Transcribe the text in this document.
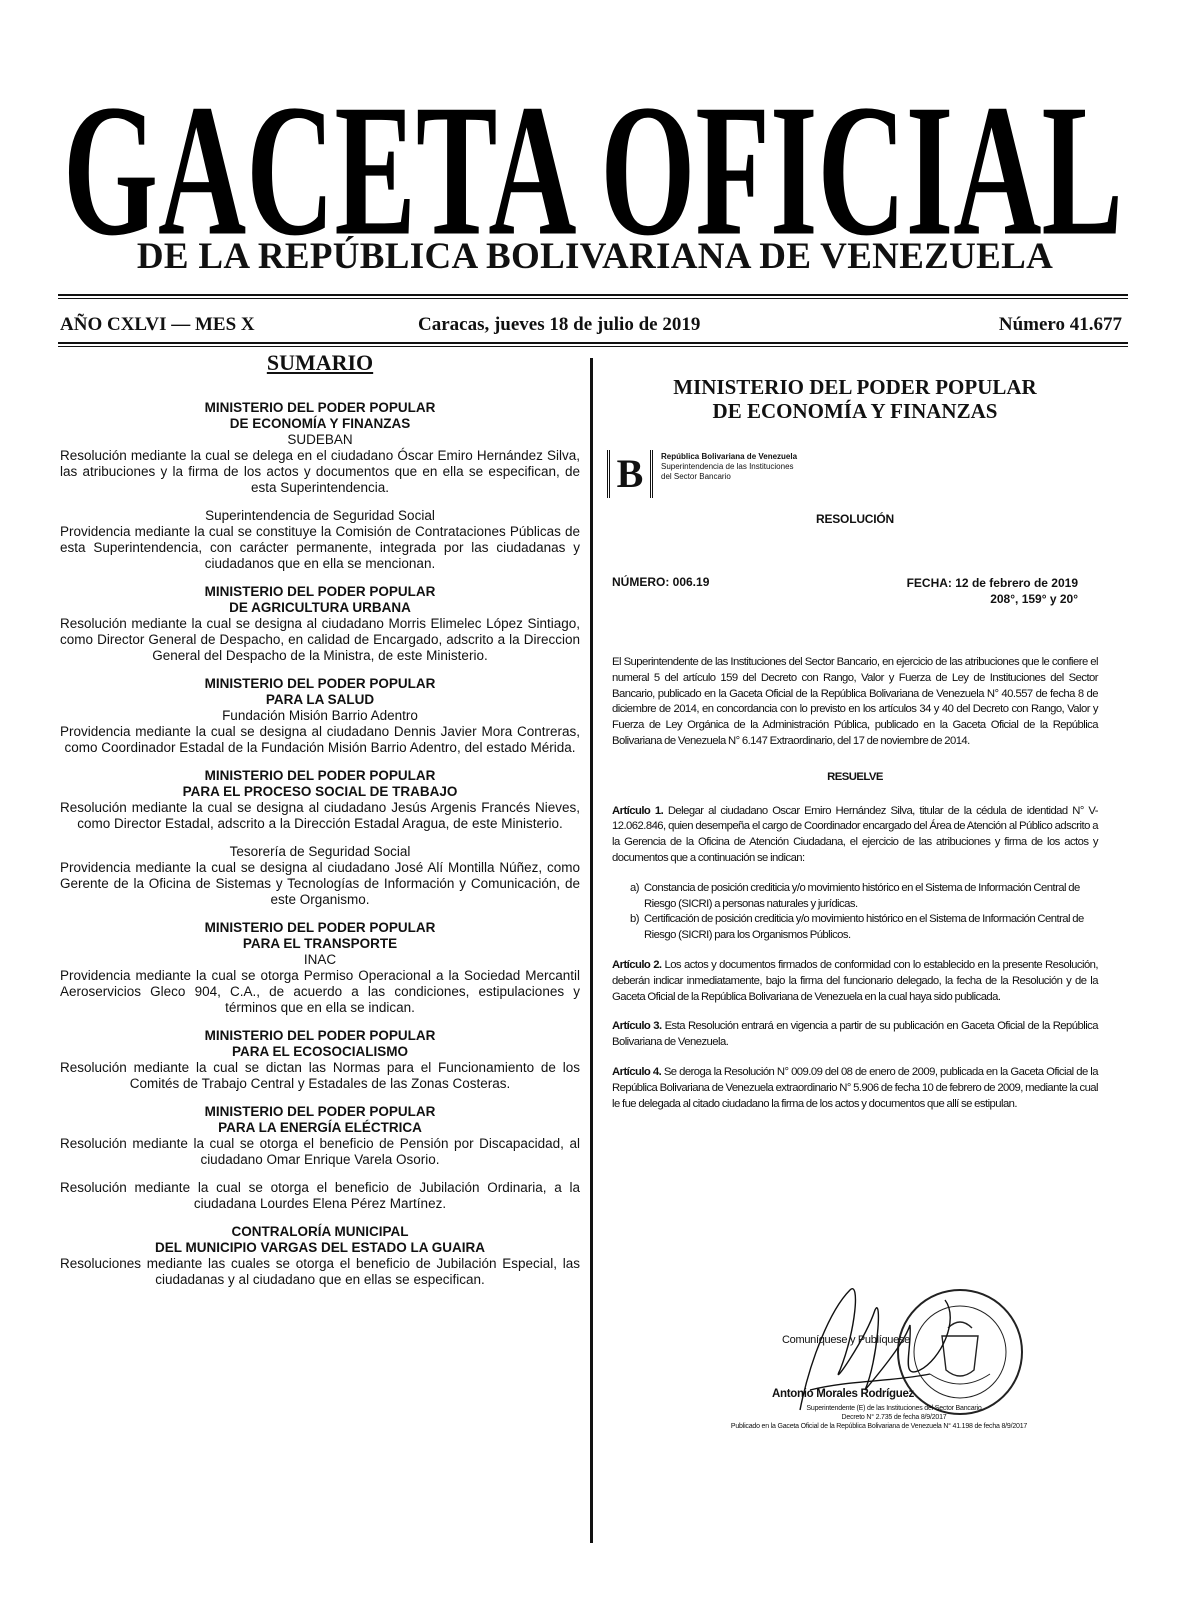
GACETA OFICIAL
DE LA REPÚBLICA BOLIVARIANA DE VENEZUELA
AÑO CXLVI — MES X	Caracas, jueves 18 de julio de 2019	Número 41.677
SUMARIO
MINISTERIO DEL PODER POPULAR
DE ECONOMÍA Y FINANZAS
SUDEBAN
Resolución mediante la cual se delega en el ciudadano Óscar Emiro Hernández Silva, las atribuciones y la firma de los actos y documentos que en ella se especifican, de esta Superintendencia.
Superintendencia de Seguridad Social
Providencia mediante la cual se constituye la Comisión de Contrataciones Públicas de esta Superintendencia, con carácter permanente, integrada por las ciudadanas y ciudadanos que en ella se mencionan.
MINISTERIO DEL PODER POPULAR
DE AGRICULTURA URBANA
Resolución mediante la cual se designa al ciudadano Morris Elimelec López Sintiago, como Director General de Despacho, en calidad de Encargado, adscrito a la Direccion General del Despacho de la Ministra, de este Ministerio.
MINISTERIO DEL PODER POPULAR
PARA LA SALUD
Fundación Misión Barrio Adentro
Providencia mediante la cual se designa al ciudadano Dennis Javier Mora Contreras, como Coordinador Estadal de la Fundación Misión Barrio Adentro, del estado Mérida.
MINISTERIO DEL PODER POPULAR
PARA EL PROCESO SOCIAL DE TRABAJO
Resolución mediante la cual se designa al ciudadano Jesús Argenis Francés Nieves, como Director Estadal, adscrito a la Dirección Estadal Aragua, de este Ministerio.
Tesorería de Seguridad Social
Providencia mediante la cual se designa al ciudadano José Alí Montilla Núñez, como Gerente de la Oficina de Sistemas y Tecnologías de Información y Comunicación, de este Organismo.
MINISTERIO DEL PODER POPULAR
PARA EL TRANSPORTE
INAC
Providencia mediante la cual se otorga Permiso Operacional a la Sociedad Mercantil Aeroservicios Gleco 904, C.A., de acuerdo a las condiciones, estipulaciones y términos que en ella se indican.
MINISTERIO DEL PODER POPULAR
PARA EL ECOSOCIALISMO
Resolución mediante la cual se dictan las Normas para el Funcionamiento de los Comités de Trabajo Central y Estadales de las Zonas Costeras.
MINISTERIO DEL PODER POPULAR
PARA LA ENERGÍA ELÉCTRICA
Resolución mediante la cual se otorga el beneficio de Pensión por Discapacidad, al ciudadano Omar Enrique Varela Osorio.
Resolución mediante la cual se otorga el beneficio de Jubilación Ordinaria, a la ciudadana Lourdes Elena Pérez Martínez.
CONTRALORÍA MUNICIPAL
DEL MUNICIPIO VARGAS DEL ESTADO LA GUAIRA
Resoluciones mediante las cuales se otorga el beneficio de Jubilación Especial, las ciudadanas y al ciudadano que en ellas se especifican.
MINISTERIO DEL PODER POPULAR
DE ECONOMÍA Y FINANZAS
B	República Bolivariana de Venezuela
Superintendencia de las Instituciones
del Sector Bancario
RESOLUCIÓN
NÚMERO: 006.19	FECHA: 12 de febrero de 2019
208°, 159° y 20°

El Superintendente de las Instituciones del Sector Bancario, en ejercicio de las atribuciones que le confiere el numeral 5 del artículo 159 del Decreto con Rango, Valor y Fuerza de Ley de Instituciones del Sector Bancario, publicado en la Gaceta Oficial de la República Bolivariana de Venezuela N° 40.557 de fecha 8 de diciembre de 2014, en concordancia con lo previsto en los artículos 34 y 40 del Decreto con Rango, Valor y Fuerza de Ley Orgánica de la Administración Pública, publicado en la Gaceta Oficial de la República Bolivariana de Venezuela N° 6.147 Extraordinario, del 17 de noviembre de 2014.

RESUELVE

Artículo 1. Delegar al ciudadano Oscar Emiro Hernández Silva, titular de la cédula de identidad N° V-12.062.846, quien desempeña el cargo de Coordinador encargado del Área de Atención al Público adscrito a la Gerencia de la Oficina de Atención Ciudadana, el ejercicio de las atribuciones y firma de los actos y documentos que a continuación se indican:

a) Constancia de posición crediticia y/o movimiento histórico en el Sistema de Información Central de Riesgo (SICRI) a personas naturales y jurídicas.
b) Certificación de posición crediticia y/o movimiento histórico en el Sistema de Información Central de Riesgo (SICRI) para los Organismos Públicos.

Artículo 2. Los actos y documentos firmados de conformidad con lo establecido en la presente Resolución, deberán indicar inmediatamente, bajo la firma del funcionario delegado, la fecha de la Resolución y de la Gaceta Oficial de la República Bolivariana de Venezuela en la cual haya sido publicada.

Artículo 3. Esta Resolución entrará en vigencia a partir de su publicación en Gaceta Oficial de la República Bolivariana de Venezuela.

Artículo 4. Se deroga la Resolución N° 009.09 del 08 de enero de 2009, publicada en la Gaceta Oficial de la República Bolivariana de Venezuela extraordinario N° 5.906 de fecha 10 de febrero de 2009, mediante la cual le fue delegada al citado ciudadano la firma de los actos y documentos que allí se estipulan.

Comuníquese y Publíquese
Antonio Morales Rodríguez
Superintendente (E) de las Instituciones del Sector Bancario
Decreto N° 2.735 de fecha 8/9/2017
Publicado en la Gaceta Oficial de la República Bolivariana de Venezuela N° 41.198 de fecha 8/9/2017
